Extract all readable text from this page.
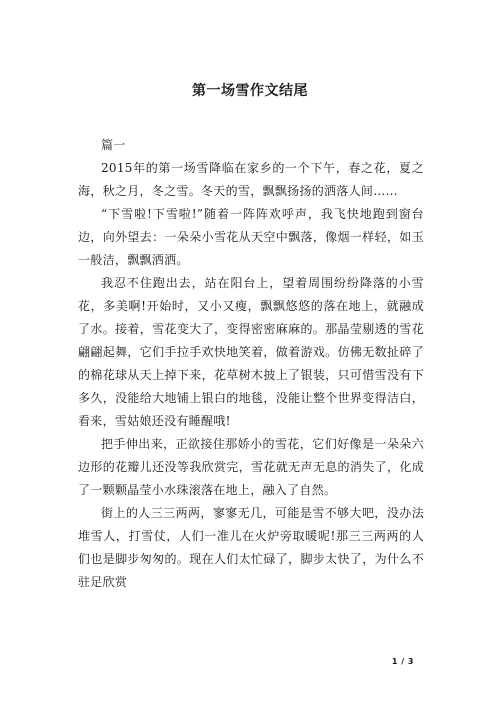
第一场雪作文结尾

篇一

2015年的第一场雪降临在家乡的一个下午，春之花，夏之海，秋之月，冬之雪。冬天的雪，飘飘扬扬的洒落人间……

“下雪啦!下雪啦!”随着一阵阵欢呼声，我飞快地跑到窗台边，向外望去：一朵朵小雪花从天空中飘落，像烟一样轻，如玉一般洁，飘飘洒洒。

我忍不住跑出去，站在阳台上，望着周围纷纷降落的小雪花，多美啊!开始时，又小又瘦，飘飘悠悠的落在地上，就融成了水。接着，雪花变大了，变得密密麻麻的。那晶莹剔透的雪花翩翩起舞，它们手拉手欢快地笑着，做着游戏。仿佛无数扯碎了的棉花球从天上掉下来，花草树木披上了银装，只可惜雪没有下多久，没能给大地铺上银白的地毯，没能让整个世界变得洁白，看来，雪姑娘还没有睡醒哦!

把手伸出来，正欲接住那娇小的雪花，它们好像是一朵朵六边形的花瓣儿还没等我欣赏完，雪花就无声无息的消失了，化成了一颗颗晶莹小水珠滚落在地上，融入了自然。

街上的人三三两两，寥寥无几，可能是雪不够大吧，没办法堆雪人，打雪仗，人们一准儿在火炉旁取暖呢!那三三两两的人们也是脚步匆匆的。现在人们太忙碌了，脚步太快了，为什么不驻足欣赏

1 / 3
